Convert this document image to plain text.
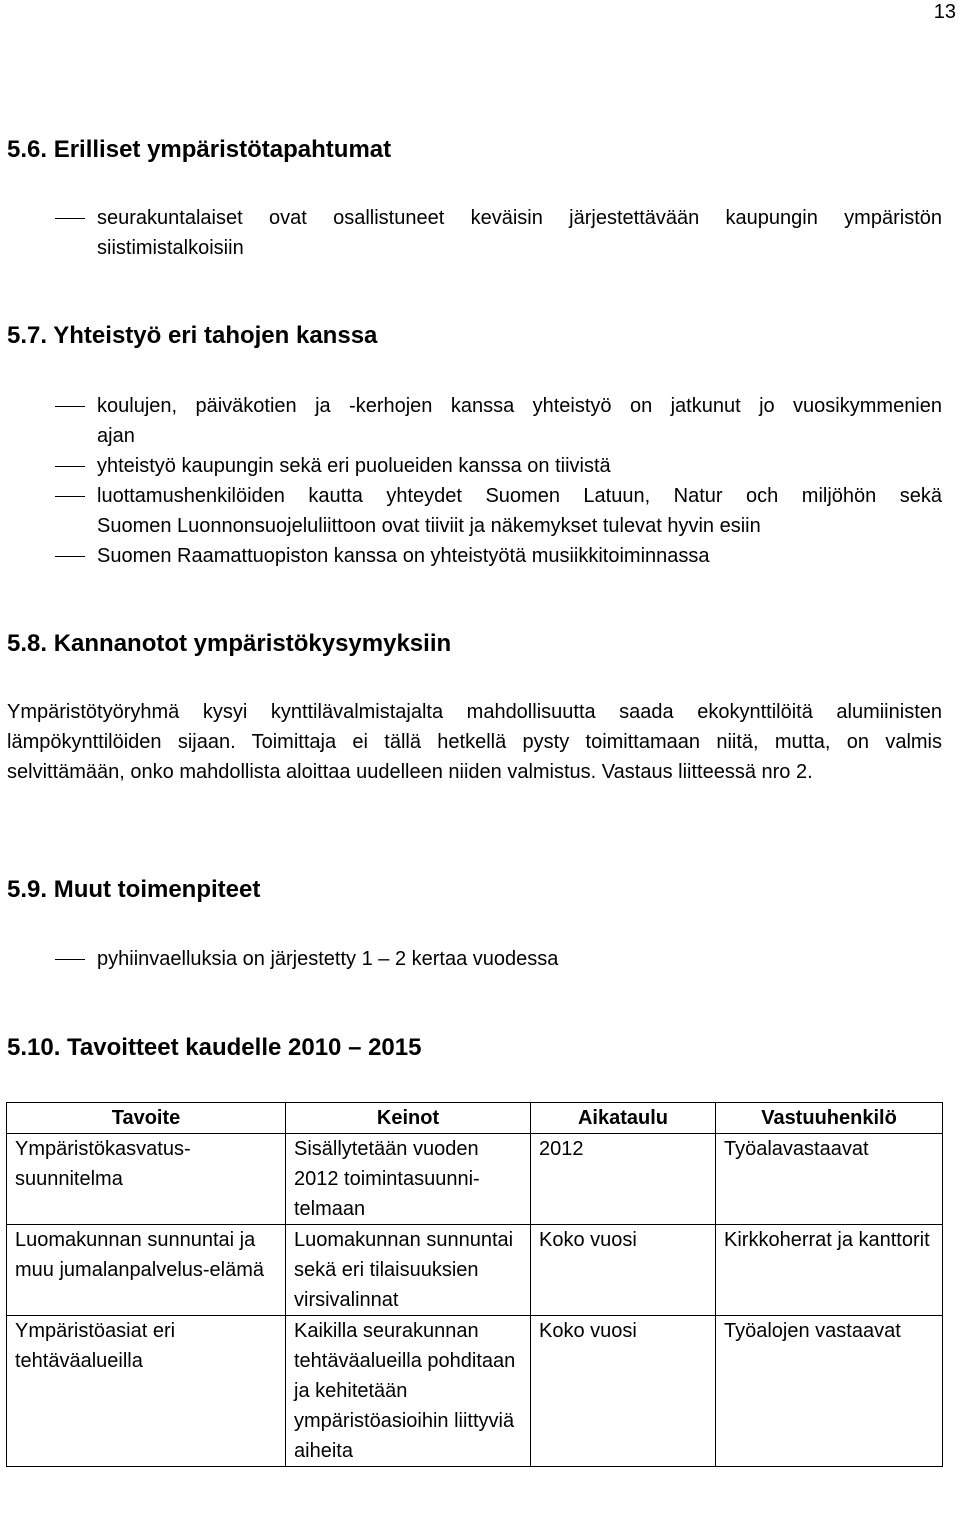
13
5.6. Erilliset ympäristötapahtumat
seurakuntalaiset ovat osallistuneet keväisin järjestettävään kaupungin ympäristön
siistimistalkoisiin
5.7. Yhteistyö eri tahojen kanssa
koulujen, päiväkotien ja -kerhojen kanssa yhteistyö on jatkunut jo vuosikymmenien
ajan
yhteistyö kaupungin sekä eri puolueiden kanssa on tiivistä
luottamushenkilöiden kautta yhteydet Suomen Latuun, Natur och miljöhön sekä
Suomen Luonnonsuojeluliittoon ovat tiiviit ja näkemykset tulevat hyvin esiin
Suomen Raamattuopiston kanssa on yhteistyötä musiikkitoiminnassa
5.8. Kannanotot ympäristökysymyksiin

Ympäristötyöryhmä kysyi kynttilävalmistajalta mahdollisuutta saada ekokynttilöitä alumiinisten lämpökynttilöiden sijaan. Toimittaja ei tällä hetkellä pysty toimittamaan niitä, mutta, on valmis selvittämään, onko mahdollista aloittaa uudelleen niiden valmistus. Vastaus liitteessä nro 2.

5.9. Muut toimenpiteet
pyhiinvaelluksia on järjestetty 1 – 2 kertaa vuodessa
5.10. Tavoitteet kaudelle 2010 – 2015
Tavoite	Keinot	Aikataulu	Vastuuhenkilö
Ympäristökasvatus-suunnitelma	Sisällytetään vuoden 2012 toimintasuunni-telmaan	2012	Työalavastaavat
Luomakunnan sunnuntai ja muu jumalanpalvelus-elämä	Luomakunnan sunnuntai sekä eri tilaisuuksien virsivalinnat	Koko vuosi	Kirkkoherrat ja kanttorit
Ympäristöasiat eri tehtäväalueilla	Kaikilla seurakunnan tehtäväalueilla pohditaan ja kehitetään ympäristöasioihin liittyviä aiheita	Koko vuosi	Työalojen vastaavat
